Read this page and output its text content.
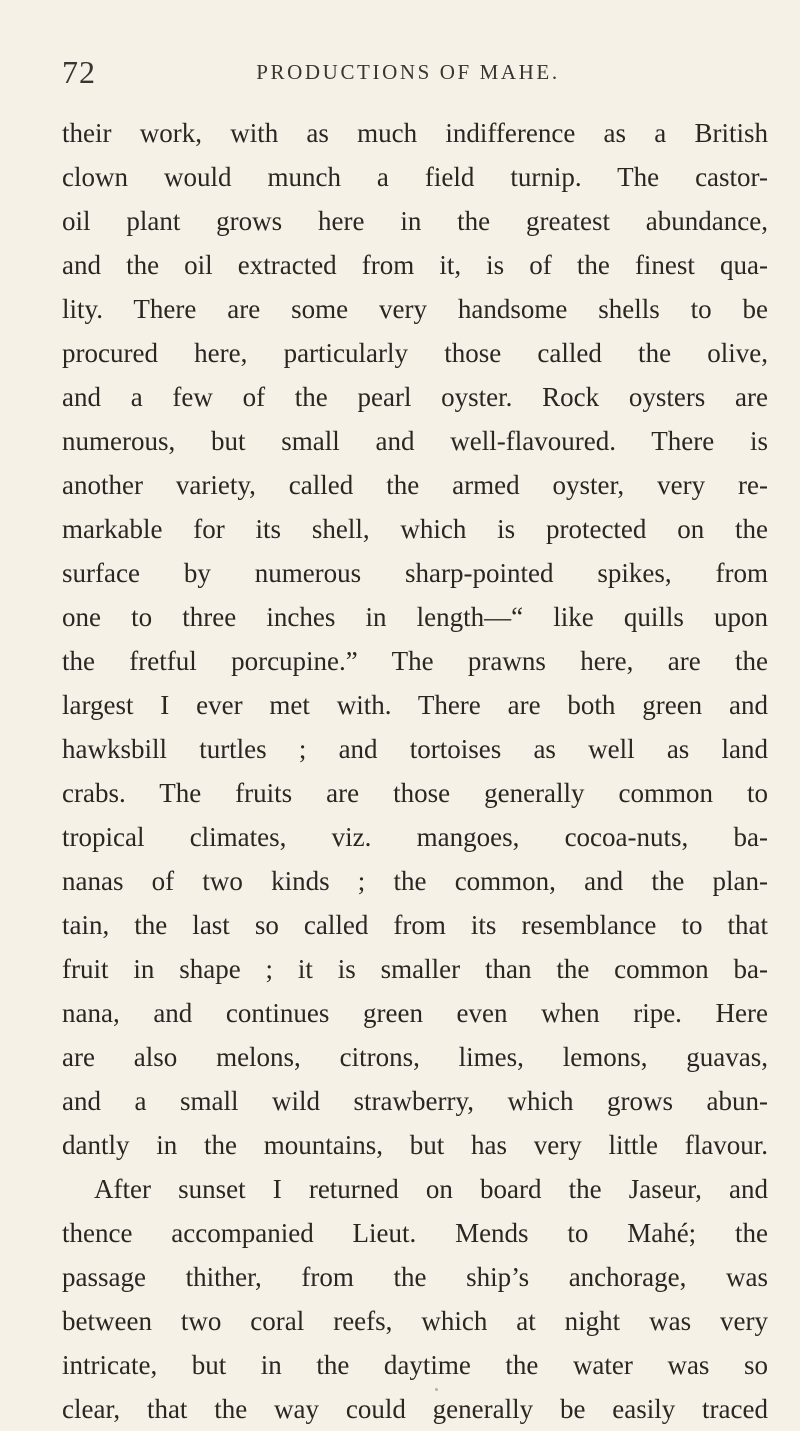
72	PRODUCTIONS OF MAHE.
their work, with as much indifference as a British
clown would munch a field turnip. The castor-
oil plant grows here in the greatest abundance,
and the oil extracted from it, is of the finest qua-
lity. There are some very handsome shells to be
procured here, particularly those called the olive,
and a few of the pearl oyster. Rock oysters are
numerous, but small and well-flavoured. There is
another variety, called the armed oyster, very re-
markable for its shell, which is protected on the
surface by numerous sharp-pointed spikes, from
one to three inches in length—“ like quills upon
the fretful porcupine.” The prawns here, are the
largest I ever met with. There are both green and
hawksbill turtles ; and tortoises as well as land
crabs. The fruits are those generally common to
tropical climates, viz. mangoes, cocoa-nuts, ba-
nanas of two kinds ; the common, and the plan-
tain, the last so called from its resemblance to that
fruit in shape ; it is smaller than the common ba-
nana, and continues green even when ripe. Here
are also melons, citrons, limes, lemons, guavas,
and a small wild strawberry, which grows abun-
dantly in the mountains, but has very little flavour.
After sunset I returned on board the Jaseur, and
thence accompanied Lieut. Mends to Mahé; the
passage thither, from the ship’s anchorage, was
between two coral reefs, which at night was very
intricate, but in the daytime the water was so
clear, that the way could generally be easily traced
